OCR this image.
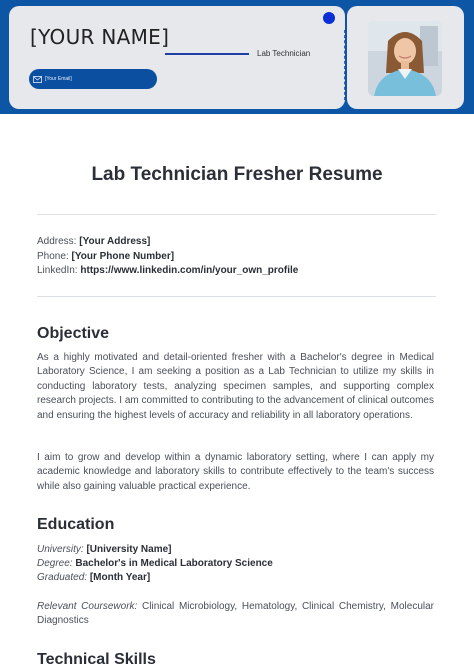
[YOUR NAME]
Lab Technician
[Your Email]
Lab Technician Fresher Resume
Address: [Your Address]
Phone: [Your Phone Number]
LinkedIn: https://www.linkedin.com/in/your_own_profile
Objective
As a highly motivated and detail-oriented fresher with a Bachelor's degree in Medical Laboratory Science, I am seeking a position as a Lab Technician to utilize my skills in conducting laboratory tests, analyzing specimen samples, and supporting complex research projects. I am committed to contributing to the advancement of clinical outcomes and ensuring the highest levels of accuracy and reliability in all laboratory operations.
I aim to grow and develop within a dynamic laboratory setting, where I can apply my academic knowledge and laboratory skills to contribute effectively to the team's success while also gaining valuable practical experience.
Education
University: [University Name]
Degree: Bachelor's in Medical Laboratory Science
Graduated: [Month Year]
Relevant Coursework: Clinical Microbiology, Hematology, Clinical Chemistry, Molecular Diagnostics
Technical Skills
